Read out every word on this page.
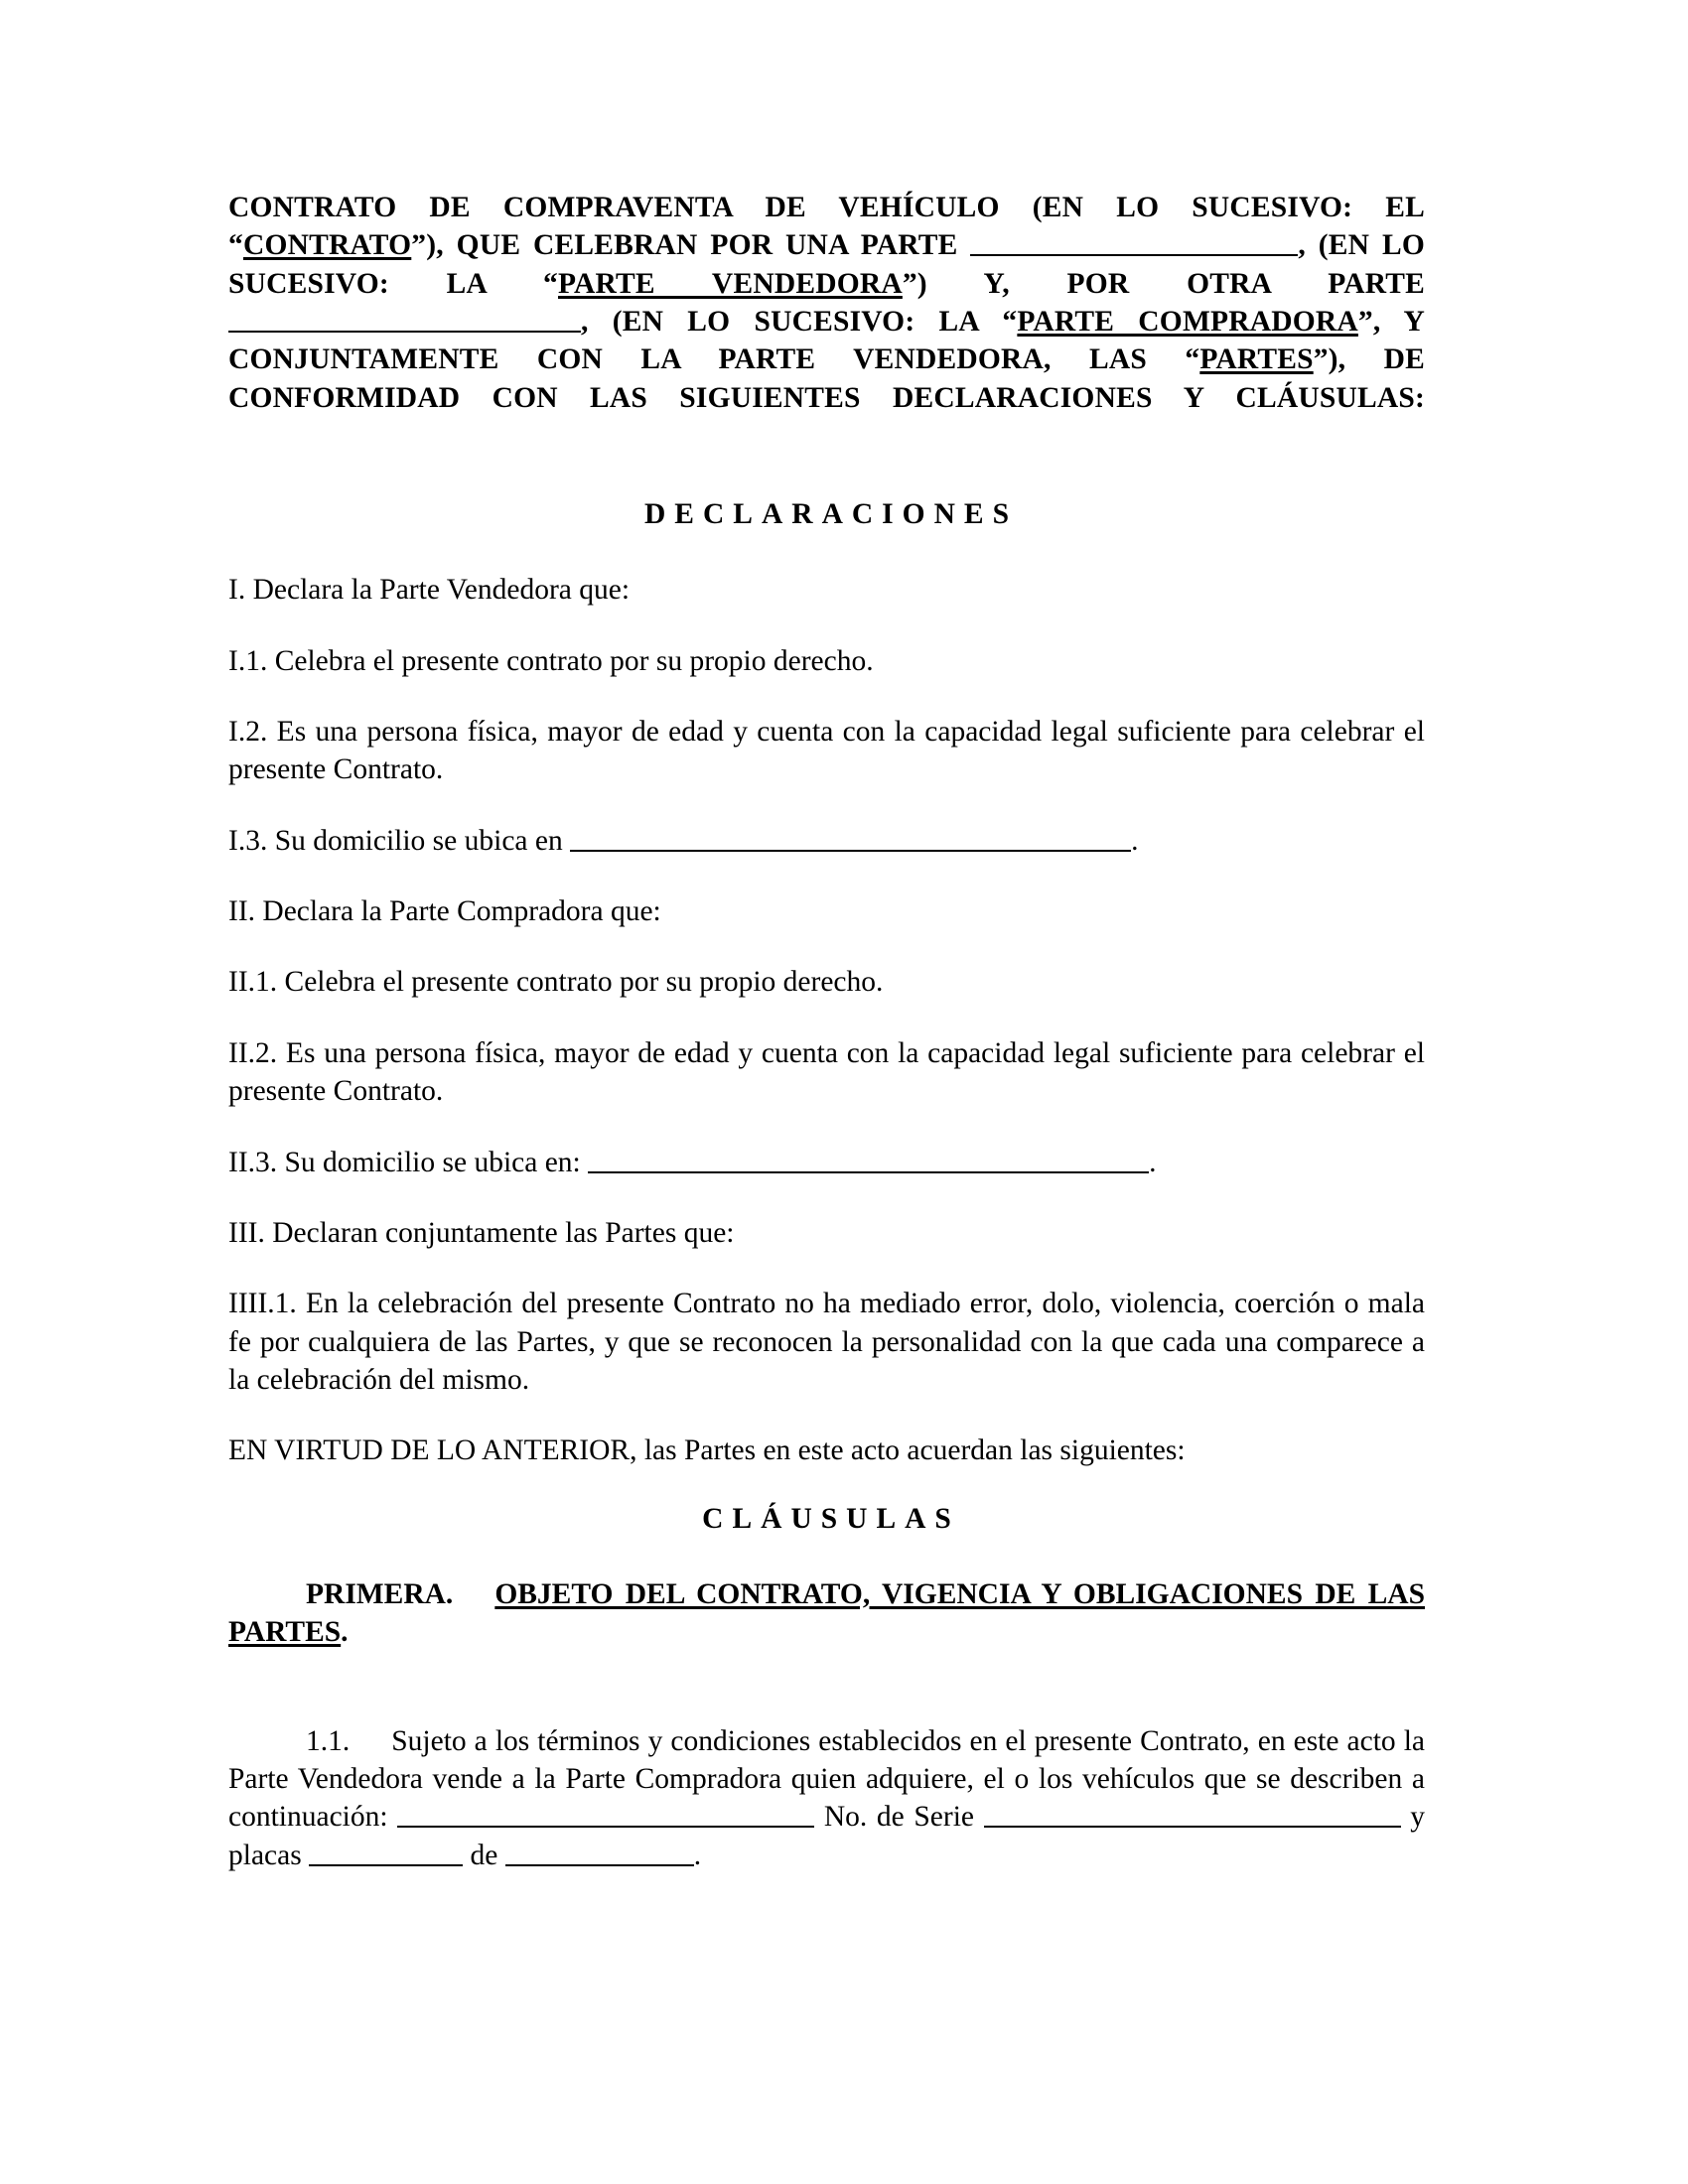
CONTRATO DE COMPRAVENTA DE VEHÍCULO (EN LO SUCESIVO: EL “CONTRATO”), QUE CELEBRAN POR UNA PARTE	, (EN LO SUCESIVO: LA “PARTE VENDEDORA”) Y, POR OTRA PARTE , (EN LO SUCESIVO: LA “PARTE COMPRADORA”, Y CONJUNTAMENTE CON LA PARTE VENDEDORA, LAS “PARTES”), DE CONFORMIDAD CON LAS SIGUIENTES DECLARACIONES Y CLÁUSULAS:
DECLARACIONES

I. Declara la Parte Vendedora que:

I.1. Celebra el presente contrato por su propio derecho.

I.2. Es una persona física, mayor de edad y cuenta con la capacidad legal suficiente para celebrar el presente Contrato.

I.3. Su domicilio se ubica en	.

II. Declara la Parte Compradora que:

II.1. Celebra el presente contrato por su propio derecho.

II.2. Es una persona física, mayor de edad y cuenta con la capacidad legal suficiente para celebrar el presente Contrato.

II.3. Su domicilio se ubica en:	.

III. Declaran conjuntamente las Partes que:

IIII.1. En la celebración del presente Contrato no ha mediado error, dolo, violencia, coerción o mala fe por cualquiera de las Partes, y que se reconocen la personalidad con la que cada una comparece a la celebración del mismo.

EN VIRTUD DE LO ANTERIOR, las Partes en este acto acuerdan las siguientes:

CLÁUSULAS
PRIMERA. OBJETO DEL CONTRATO, VIGENCIA Y OBLIGACIONES DE LAS PARTES.

1.1. Sujeto a los términos y condiciones establecidos en el presente Contrato, en este acto la Parte Vendedora vende a la Parte Compradora quien adquiere, el o los vehículos que se describen a continuación:	No. de Serie	y placas	de	.
